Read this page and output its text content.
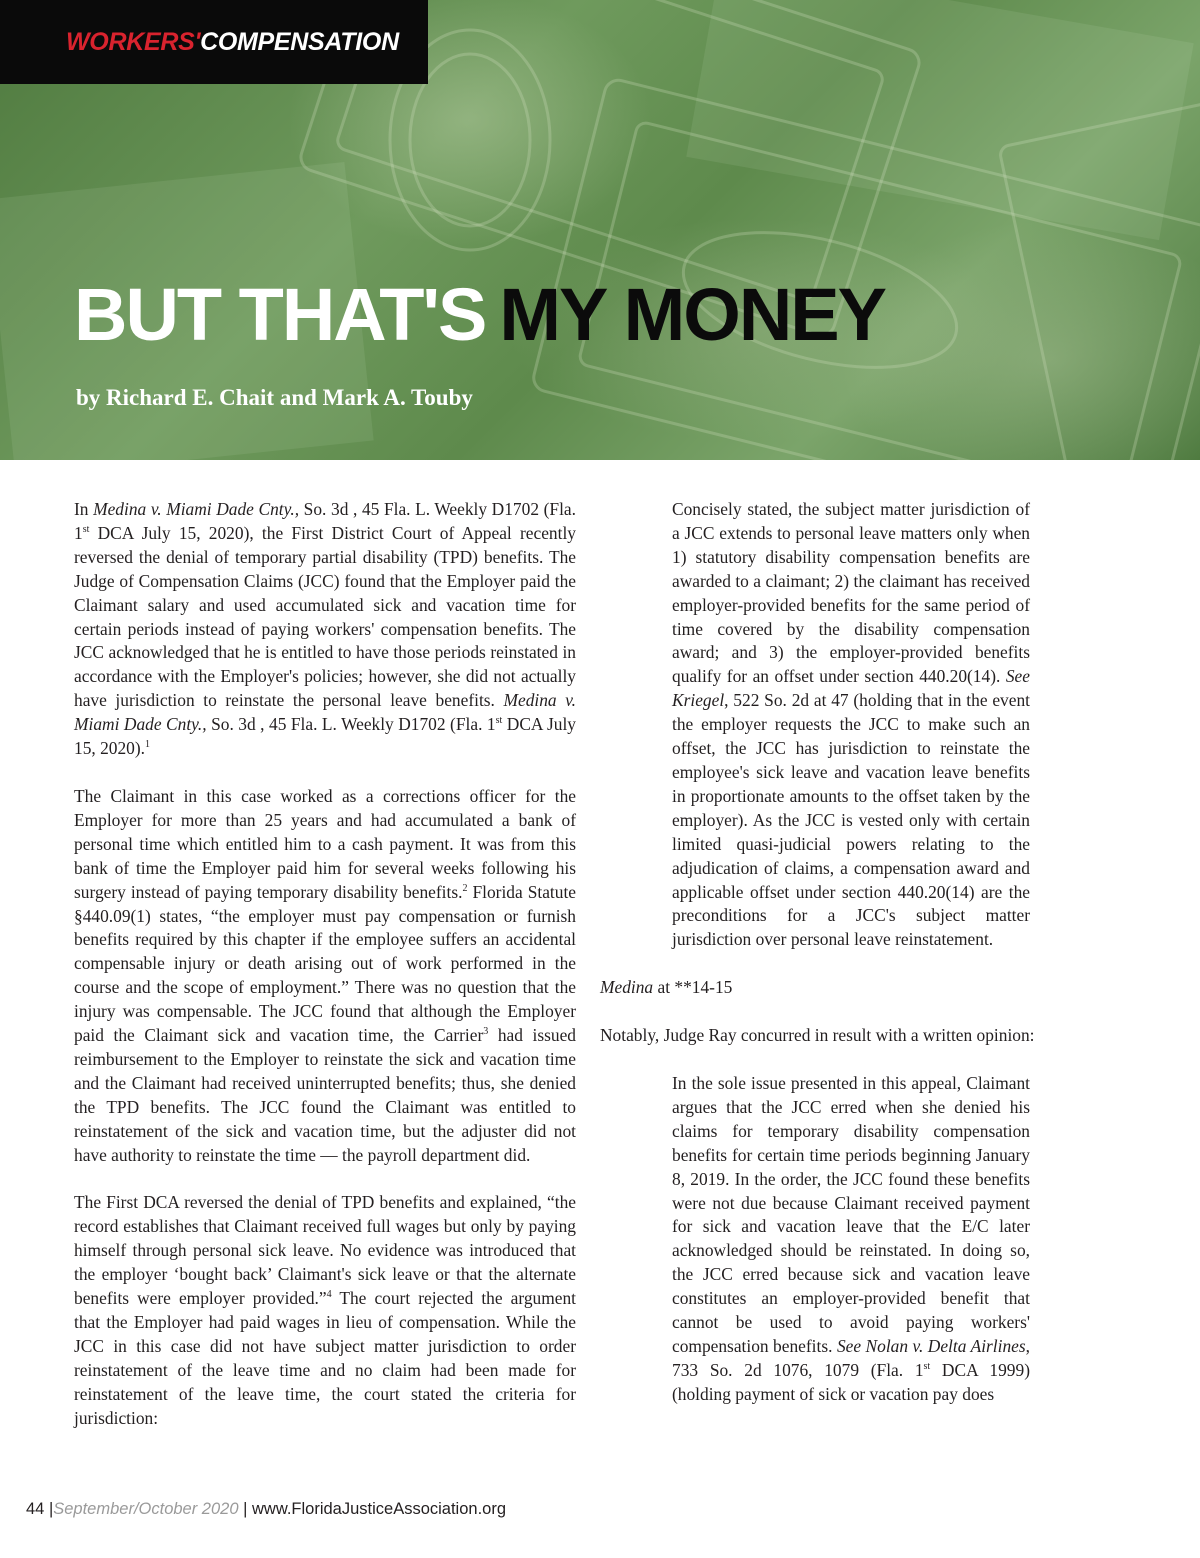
WORKERS'COMPENSATION
BUT THAT'S MY MONEY
by Richard E. Chait and Mark A. Touby

In Medina v. Miami Dade Cnty., So. 3d , 45 Fla. L. Weekly D1702 (Fla. 1st DCA July 15, 2020), the First District Court of Appeal recently reversed the denial of temporary partial disability (TPD) benefits. The Judge of Compensation Claims (JCC) found that the Employer paid the Claimant salary and used accumulated sick and vacation time for certain periods instead of paying workers' compensation benefits. The JCC acknowledged that he is entitled to have those periods reinstated in accordance with the Employer's policies; however, she did not actually have jurisdiction to reinstate the personal leave benefits. Medina v. Miami Dade Cnty., So. 3d , 45 Fla. L. Weekly D1702 (Fla. 1st DCA July 15, 2020).$^1$

The Claimant in this case worked as a corrections officer for the Employer for more than 25 years and had accumulated a bank of personal time which entitled him to a cash payment. It was from this bank of time the Employer paid him for several weeks following his surgery instead of paying temporary disability benefits.$^2$ Florida Statute §440.09(1) states, “the employer must pay compensation or furnish benefits required by this chapter if the employee suffers an accidental compensable injury or death arising out of work performed in the course and the scope of employment.” There was no question that the injury was compensable. The JCC found that although the Employer paid the Claimant sick and vacation time, the Carrier$^3$ had issued reimbursement to the Employer to reinstate the sick and vacation time and the Claimant had received uninterrupted benefits; thus, she denied the TPD benefits. The JCC found the Claimant was entitled to reinstatement of the sick and vacation time, but the adjuster did not have authority to reinstate the time — the payroll department did.

The First DCA reversed the denial of TPD benefits and explained, “the record establishes that Claimant received full wages but only by paying himself through personal sick leave. No evidence was introduced that the employer ‘bought back’ Claimant's sick leave or that the alternate benefits were employer provided.”$^4$ The court rejected the argument that the Employer had paid wages in lieu of compensation. While the JCC in this case did not have subject matter jurisdiction to order reinstatement of the leave time and no claim had been made for reinstatement of the leave time, the court stated the criteria for jurisdiction:

Concisely stated, the subject matter jurisdiction of a JCC extends to personal leave matters only when 1) statutory disability compensation benefits are awarded to a claimant; 2) the claimant has received employer-provided benefits for the same period of time covered by the disability compensation award; and 3) the employer-provided benefits qualify for an offset under section 440.20(14). See Kriegel, 522 So. 2d at 47 (holding that in the event the employer requests the JCC to make such an offset, the JCC has jurisdiction to reinstate the employee's sick leave and vacation leave benefits in proportionate amounts to the offset taken by the employer). As the JCC is vested only with certain limited quasi-judicial powers relating to the adjudication of claims, a compensation award and applicable offset under section 440.20(14) are the preconditions for a JCC's subject matter jurisdiction over personal leave reinstatement.

Medina at **14-15

Notably, Judge Ray concurred in result with a written opinion:

In the sole issue presented in this appeal, Claimant argues that the JCC erred when she denied his claims for temporary disability compensation benefits for certain time periods beginning January 8, 2019. In the order, the JCC found these benefits were not due because Claimant received payment for sick and vacation leave that the E/C later acknowledged should be reinstated. In doing so, the JCC erred because sick and vacation leave constitutes an employer-provided benefit that cannot be used to avoid paying workers' compensation benefits. See Nolan v. Delta Airlines, 733 So. 2d 1076, 1079 (Fla. 1st DCA 1999) (holding payment of sick or vacation pay does

44 |September/October 2020 | www.FloridaJusticeAssociation.org
